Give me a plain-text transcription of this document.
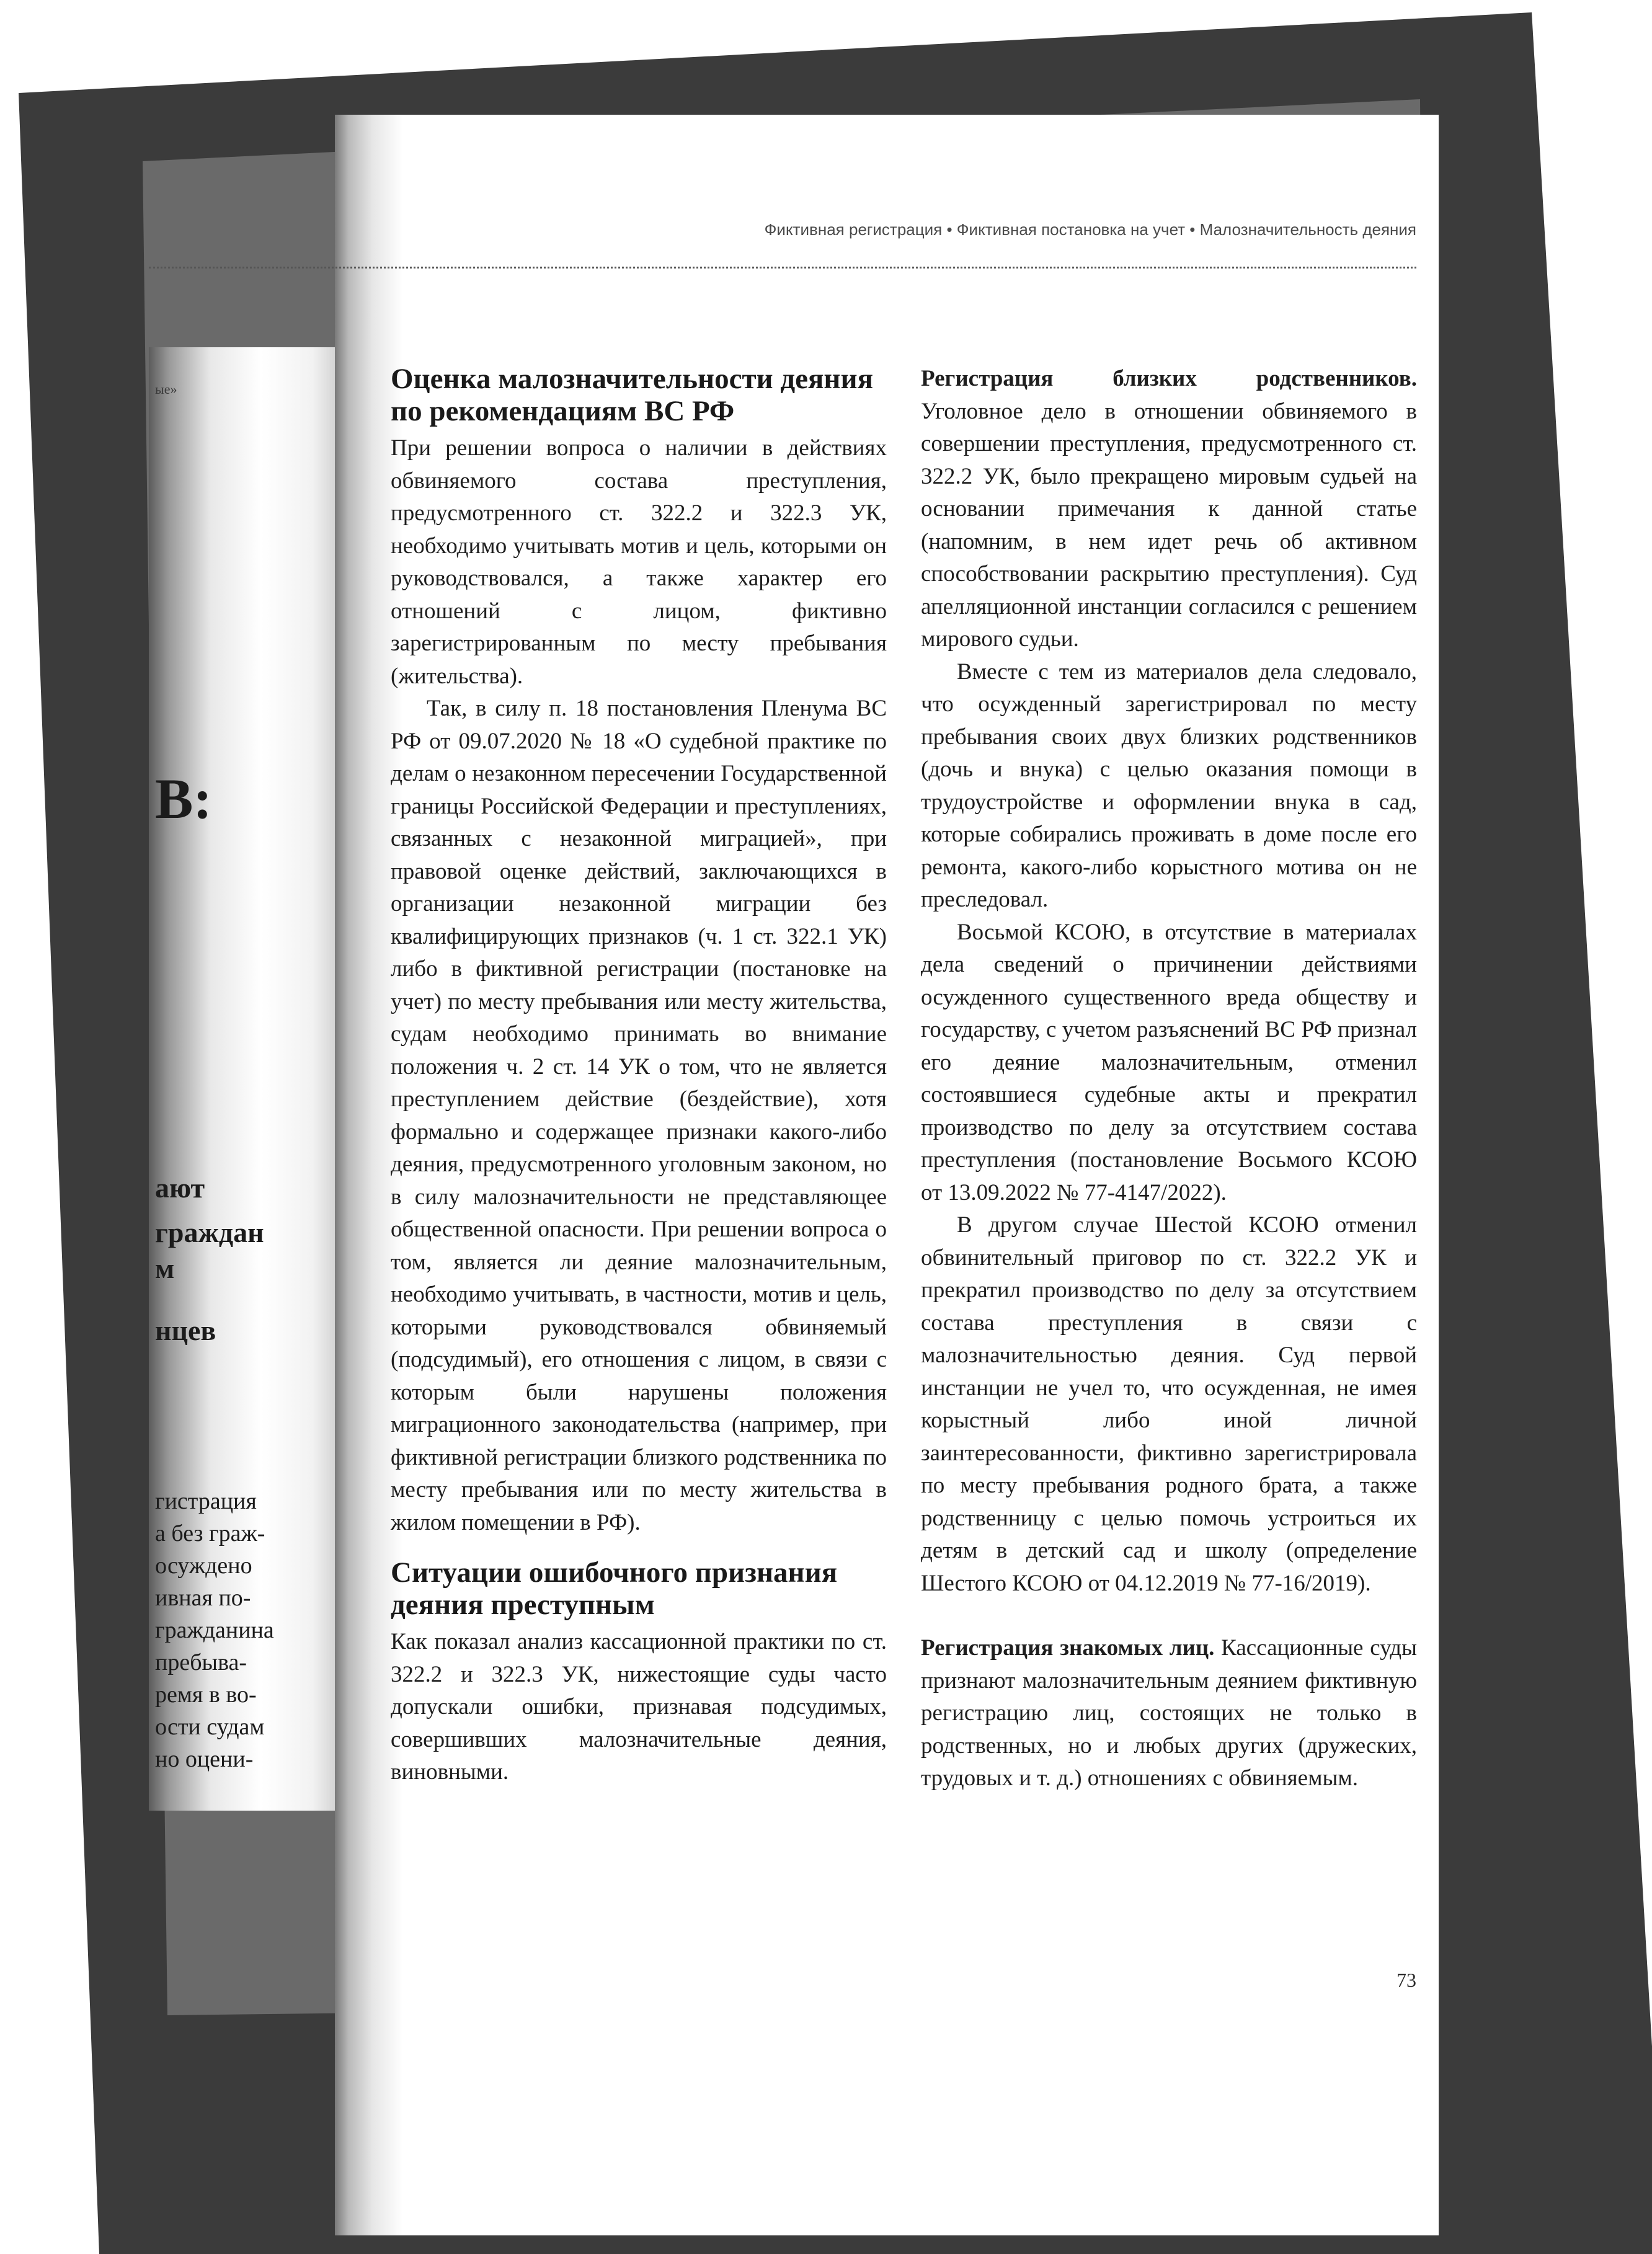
ые»
В:
ают
граждан
м
нцев
гистрация
а без граж-
осуждено
ивная по-
гражданина
пребыва-
ремя в во-
ости судам
но оцени-
Фиктивная регистрация • Фиктивная постановка на учет • Малозначительность деяния
Оценка малозначительности деяния по рекомендациям ВС РФ

При решении вопроса о наличии в действиях обвиняемого состава преступления, предусмотренного ст. 322.2 и 322.3 УК, необходимо учитывать мотив и цель, которыми он руководствовался, а также характер его отношений с лицом, фиктивно зарегистрированным по месту пребывания (жительства).

Так, в силу п. 18 постановления Пленума ВС РФ от 09.07.2020 № 18 «О судебной практике по делам о незаконном пересечении Государственной границы Российской Федерации и преступлениях, связанных с незаконной миграцией», при правовой оценке действий, заключающихся в организации незаконной миграции без квалифицирующих признаков (ч. 1 ст. 322.1 УК) либо в фиктивной регистрации (постановке на учет) по месту пребывания или месту жительства, судам необходимо принимать во внимание положения ч. 2 ст. 14 УК о том, что не является преступлением действие (бездействие), хотя формально и содержащее признаки какого-либо деяния, предусмотренного уголовным законом, но в силу малозначительности не представляющее общественной опасности. При решении вопроса о том, является ли деяние малозначительным, необходимо учитывать, в частности, мотив и цель, которыми руководствовался обвиняемый (подсудимый), его отношения с лицом, в связи с которым были нарушены положения миграционного законодательства (например, при фиктивной регистрации близкого родственника по месту пребывания или по месту жительства в жилом помещении в РФ).

Ситуации ошибочного признания деяния преступным

Как показал анализ кассационной практики по ст. 322.2 и 322.3 УК, нижестоящие суды часто допускали ошибки, признавая подсудимых, совершивших малозначительные деяния, виновными.

Регистрация близких родственников. Уголовное дело в отношении обвиняемого в совершении преступления, предусмотренного ст. 322.2 УК, было прекращено мировым судьей на основании примечания к данной статье (напомним, в нем идет речь об активном способствовании раскрытию преступления). Суд апелляционной инстанции согласился с решением мирового судьи.

Вместе с тем из материалов дела следовало, что осужденный зарегистрировал по месту пребывания своих двух близких родственников (дочь и внука) с целью оказания помощи в трудоустройстве и оформлении внука в сад, которые собирались проживать в доме после его ремонта, какого-либо корыстного мотива он не преследовал.

Восьмой КСОЮ, в отсутствие в материалах дела сведений о причинении действиями осужденного существенного вреда обществу и государству, с учетом разъяснений ВС РФ признал его деяние малозначительным, отменил состоявшиеся судебные акты и прекратил производство по делу за отсутствием состава преступления (постановление Восьмого КСОЮ от 13.09.2022 № 77-4147/2022).

В другом случае Шестой КСОЮ отменил обвинительный приговор по ст. 322.2 УК и прекратил производство по делу за отсутствием состава преступления в связи с малозначительностью деяния. Суд первой инстанции не учел то, что осужденная, не имея корыстный либо иной личной заинтересованности, фиктивно зарегистрировала по месту пребывания родного брата, а также родственницу с целью помочь устроиться их детям в детский сад и школу (определение Шестого КСОЮ от 04.12.2019 № 77-16/2019).

Регистрация знакомых лиц. Кассационные суды признают малозначительным деянием фиктивную регистрацию лиц, состоящих не только в родственных, но и любых других (дружеских, трудовых и т. д.) отношениях с обвиняемым.

73
